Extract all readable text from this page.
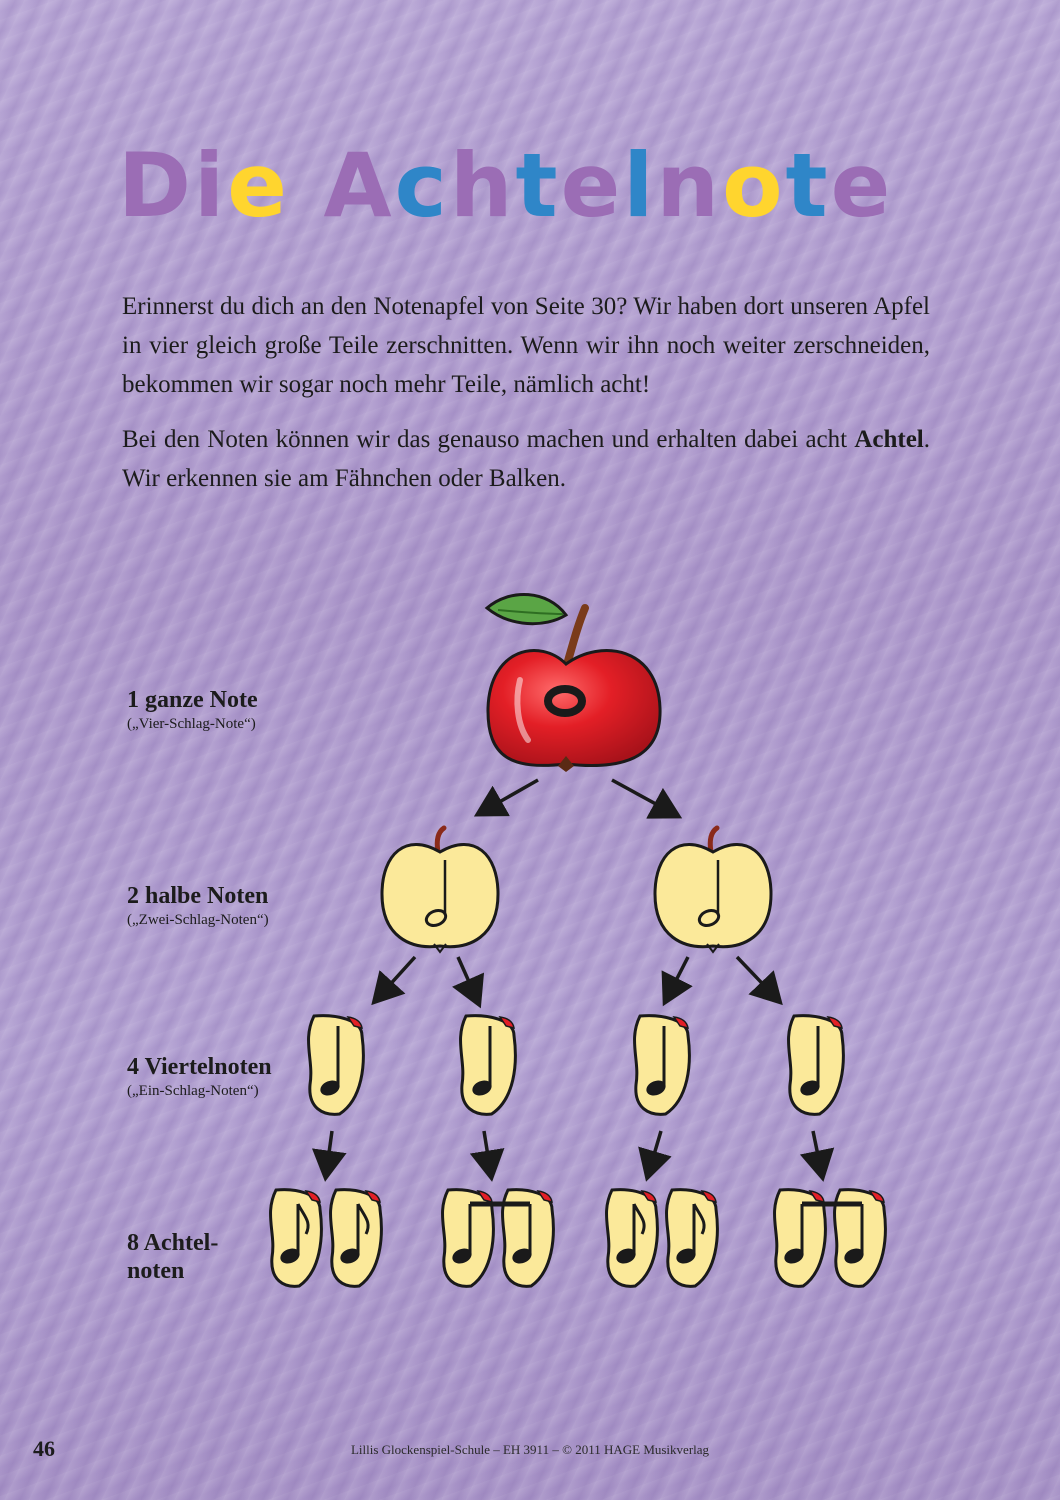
Die Achtelnote

Erinnerst du dich an den Notenapfel von Seite 30? Wir haben dort unseren Apfel in vier gleich große Teile zerschnitten. Wenn wir ihn noch weiter zerschneiden, bekommen wir sogar noch mehr Teile, nämlich acht!

Bei den Noten können wir das genauso machen und erhalten dabei acht Achtel. Wir erkennen sie am Fähnchen oder Balken.

1 ganze Note
(„Vier-Schlag-Note“)
2 halbe Noten
(„Zwei-Schlag-Noten“)
4 Viertelnoten
(„Ein-Schlag-Noten“)
8 Achtel-
noten
46	Lillis Glockenspiel-Schule – EH 3911 – © 2011 HAGE Musikverlag
